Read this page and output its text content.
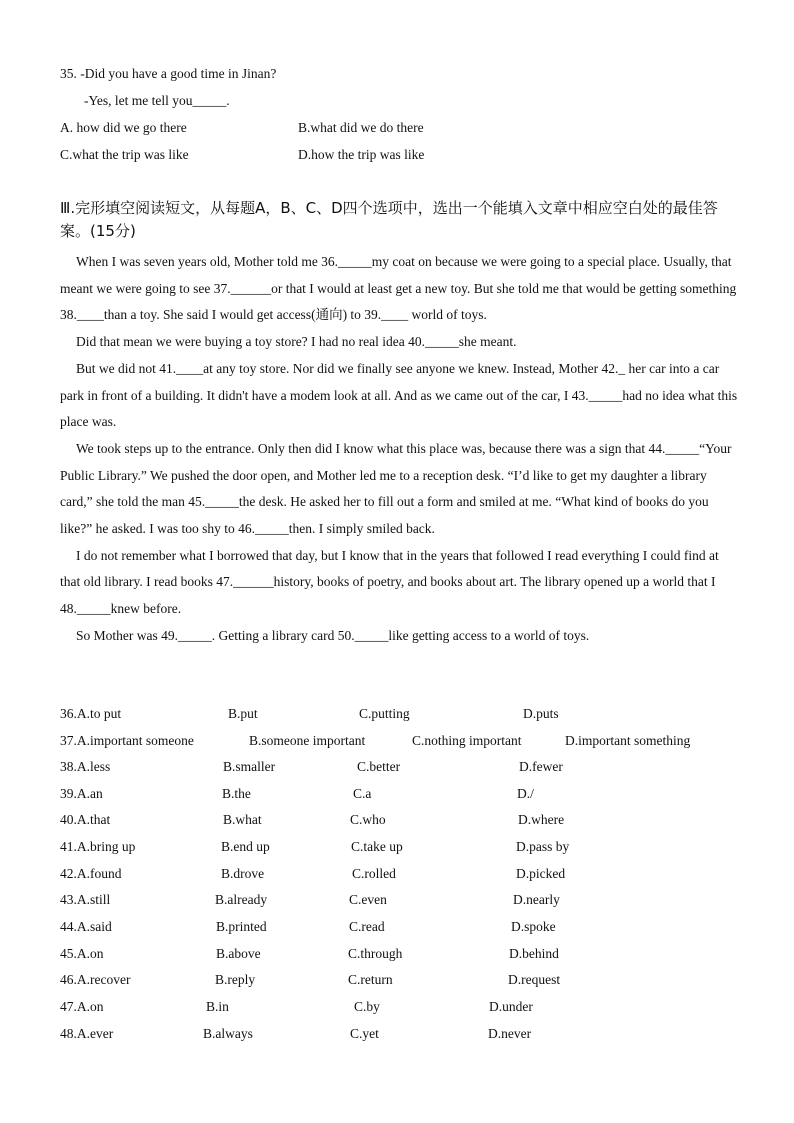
35. -Did you have a good time in Jinan?
-Yes, let me tell you_____.
A. how did we go there	B.what did we do there
C.what the trip was like	D.how the trip was like
Ⅲ.完形填空阅读短文，从每题A，B、C、D四个选项中，选出一个能填入文章中相应空白处的最佳答案。(15分)

When I was seven years old, Mother told me 36._____my coat on because we were going to a special place. Usually, that meant we were going to see 37.______or that I would at least get a new toy. But she told me that would be getting something 38.____than a toy. She said I would get access(通向) to 39.____ world of toys.

Did that mean we were buying a toy store? I had no real idea 40._____she meant.

But we did not 41.____at any toy store. Nor did we finally see anyone we knew. Instead, Mother 42._ her car into a car park in front of a building. It didn't have a modem look at all. And as we came out of the car, I 43._____had no idea what this place was.

We took steps up to the entrance. Only then did I know what this place was, because there was a sign that 44._____“Your Public Library.” We pushed the door open, and Mother led me to a reception desk. “I’d like to get my daughter a library card,” she told the man 45._____the desk. He asked her to fill out a form and smiled at me. “What kind of books do you like?” he asked. I was too shy to 46._____then. I simply smiled back.

I do not remember what I borrowed that day, but I know that in the years that followed I read everything I could find at that old library. I read books 47.______history, books of poetry, and books about art. The library opened up a world that I 48._____knew before.

So Mother was 49._____. Getting a library card 50._____like getting access to a world of toys.

36.A.to put	B.put	C.putting	D.puts
37.A.important someone	B.someone important	C.nothing important	D.important something
38.A.less	B.smaller	C.better	D.fewer
39.A.an	B.the	C.a	D./
40.A.that	B.what	C.who	D.where
41.A.bring up	B.end up	C.take up	D.pass by
42.A.found	B.drove	C.rolled	D.picked
43.A.still	B.already	C.even	D.nearly
44.A.said	B.printed	C.read	D.spoke
45.A.on	B.above	C.through	D.behind
46.A.recover	B.reply	C.return	D.request
47.A.on	B.in	C.by	D.under
48.A.ever	B.always	C.yet	D.never
